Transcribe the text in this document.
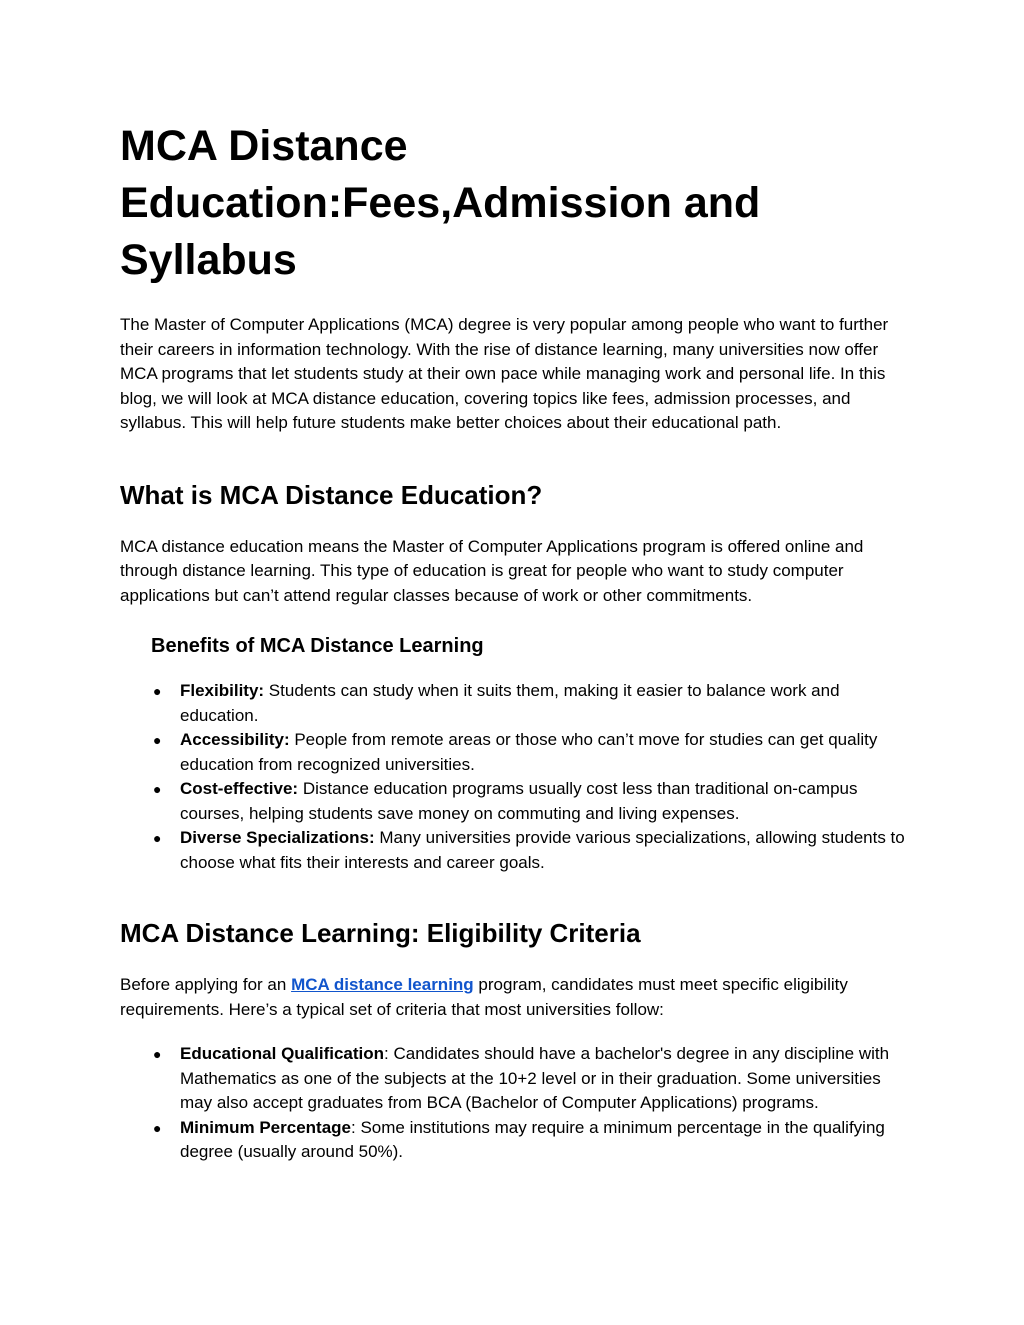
MCA Distance Education:Fees,Admission and Syllabus

The Master of Computer Applications (MCA) degree is very popular among people who want to further their careers in information technology. With the rise of distance learning, many universities now offer MCA programs that let students study at their own pace while managing work and personal life. In this blog, we will look at MCA distance education, covering topics like fees, admission processes, and syllabus. This will help future students make better choices about their educational path.

What is MCA Distance Education?

MCA distance education means the Master of Computer Applications program is offered online and through distance learning. This type of education is great for people who want to study computer applications but can’t attend regular classes because of work or other commitments.

Benefits of MCA Distance Learning
● Flexibility: Students can study when it suits them, making it easier to balance work and education.
● Accessibility: People from remote areas or those who can’t move for studies can get quality education from recognized universities.
● Cost-effective: Distance education programs usually cost less than traditional on-campus courses, helping students save money on commuting and living expenses.
● Diverse Specializations: Many universities provide various specializations, allowing students to choose what fits their interests and career goals.
MCA Distance Learning: Eligibility Criteria

Before applying for an MCA distance learning program, candidates must meet specific eligibility requirements. Here’s a typical set of criteria that most universities follow:

● Educational Qualification: Candidates should have a bachelor's degree in any discipline with Mathematics as one of the subjects at the 10+2 level or in their graduation. Some universities may also accept graduates from BCA (Bachelor of Computer Applications) programs.
● Minimum Percentage: Some institutions may require a minimum percentage in the qualifying degree (usually around 50%).
